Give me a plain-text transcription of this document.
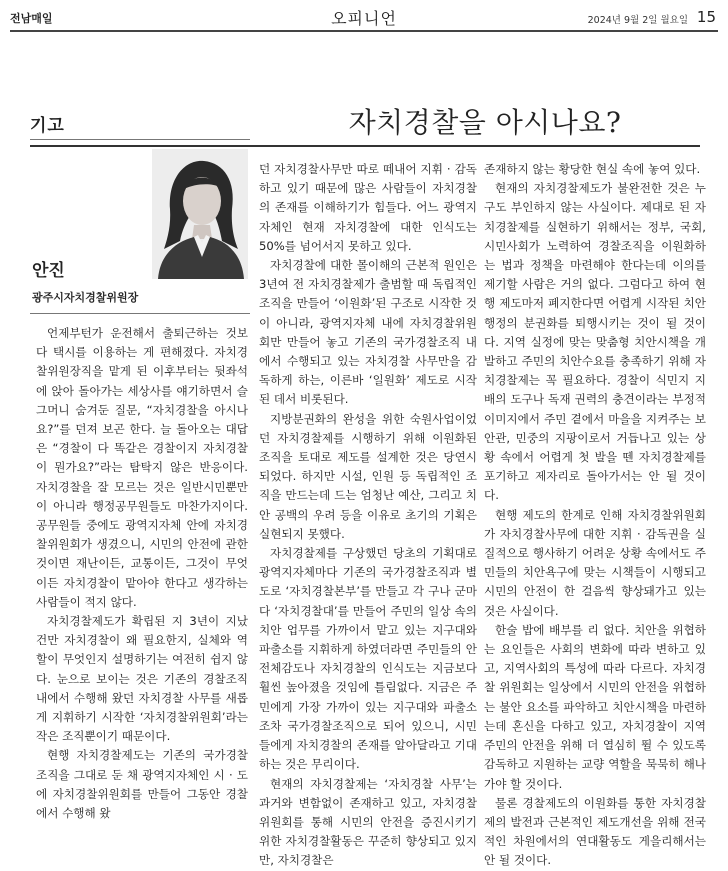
전남매일	오피니언	2024년 9월 2일 월요일 15
기고	자치경찰을 아시나요?
안진
광주시자치경찰위원장

언제부턴가 운전해서 출퇴근하는 것보다 택시를 이용하는 게 편해졌다. 자치경찰위원장직을 맡게 된 이후부터는 뒷좌석에 앉아 돌아가는 세상사를 얘기하면서 슬그머니 숨겨둔 질문, “자치경찰을 아시나요?”를 던져 보곤 한다. 늘 돌아오는 대답은 “경찰이 다 똑같은 경찰이지 자치경찰이 뭔가요?”라는 탐탁지 않은 반응이다. 자치경찰을 잘 모르는 것은 일반시민뿐만이 아니라 행정공무원들도 마찬가지이다. 공무원들 중에도 광역지자체 안에 자치경찰위원회가 생겼으니, 시민의 안전에 관한 것이면 재난이든, 교통이든, 그것이 무엇이든 자치경찰이 맡아야 한다고 생각하는 사람들이 적지 않다.

자치경찰제도가 확립된 지 3년이 지났건만 자치경찰이 왜 필요한지, 실체와 역할이 무엇인지 설명하기는 여전히 쉽지 않다. 눈으로 보이는 것은 기존의 경찰조직 내에서 수행해 왔던 자치경찰 사무를 새롭게 지휘하기 시작한 ‘자치경찰위원회’라는 작은 조직뿐이기 때문이다.

현행 자치경찰제도는 기존의 국가경찰 조직을 그대로 둔 채 광역지자체인 시 · 도에 자치경찰위원회를 만들어 그동안 경찰에서 수행해 왔

던 자치경찰사무만 따로 떼내어 지휘 · 감독하고 있기 때문에 많은 사람들이 자치경찰의 존재를 이해하기가 힘들다. 어느 광역지자체인 현재 자치경찰에 대한 인식도는 50%를 넘어서지 못하고 있다.

자치경찰에 대한 몰이해의 근본적 원인은 3년여 전 자치경찰제가 출범할 때 독립적인 조직을 만들어 ‘이원화’된 구조로 시작한 것이 아니라, 광역지자체 내에 자치경찰위원회만 만들어 놓고 기존의 국가경찰조직 내에서 수행되고 있는 자치경찰 사무만을 감독하게 하는, 이른바 ‘일원화’ 제도로 시작된 데서 비롯된다.

지방분권화의 완성을 위한 숙원사업이었던 자치경찰제를 시행하기 위해 이원화된 조직을 토대로 제도를 설계한 것은 당연시되었다. 하지만 시설, 인원 등 독립적인 조직을 만드는데 드는 엄청난 예산, 그리고 치안 공백의 우려 등을 이유로 초기의 기획은 실현되지 못했다.

자치경찰제를 구상했던 당초의 기획대로 광역지자체마다 기존의 국가경찰조직과 별도로 ‘자치경찰본부’를 만들고 각 구나 군마다 ‘자치경찰대’를 만들어 주민의 일상 속의 치안 업무를 가까이서 맡고 있는 지구대와 파출소를 지휘하게 하였더라면 주민들의 안전체감도나 자치경찰의 인식도는 지금보다 훨씬 높아졌을 것임에 틀림없다. 지금은 주민에게 가장 가까이 있는 지구대와 파출소조차 국가경찰조직으로 되어 있으니, 시민들에게 자치경찰의 존재를 알아달라고 기대하는 것은 무리이다.

현재의 자치경찰제는 ‘자치경찰 사무’는 과거와 변함없이 존재하고 있고, 자치경찰위원회를 통해 시민의 안전을 증진시키기 위한 자치경찰활동은 꾸준히 향상되고 있지만, 자치경찰은

존재하지 않는 황당한 현실 속에 놓여 있다.

현재의 자치경찰제도가 불완전한 것은 누구도 부인하지 않는 사실이다. 제대로 된 자치경찰제를 실현하기 위해서는 정부, 국회, 시민사회가 노력하여 경찰조직을 이원화하는 법과 정책을 마련해야 한다는데 이의를 제기할 사람은 거의 없다. 그럼다고 하여 현행 제도마저 폐지한다면 어렵게 시작된 치안행정의 분권화를 퇴행시키는 것이 될 것이다. 지역 실정에 맞는 맞춤형 치안시책을 개발하고 주민의 치안수요를 충족하기 위해 자치경찰제는 꼭 필요하다. 경찰이 식민지 지배의 도구나 독재 권력의 충견이라는 부정적 이미지에서 주민 곁에서 마을을 지켜주는 보안관, 민중의 지팡이로서 거듭나고 있는 상황 속에서 어렵게 첫 발을 뗀 자치경찰제를 포기하고 제자리로 돌아가서는 안 될 것이다.

현행 제도의 한계로 인해 자치경찰위원회가 자치경찰사무에 대한 지휘 · 감독권을 실질적으로 행사하기 어려운 상황 속에서도 주민들의 치안욕구에 맞는 시책들이 시행되고 시민의 안전이 한 걸음씩 향상돼가고 있는 것은 사실이다.

한술 밥에 배부를 리 없다. 치안을 위협하는 요인들은 사회의 변화에 따라 변하고 있고, 지역사회의 특성에 따라 다르다. 자치경찰 위원회는 일상에서 시민의 안전을 위협하는 불안 요소를 파악하고 치안시책을 마련하는데 혼신을 다하고 있고, 자치경찰이 지역주민의 안전을 위해 더 열심히 뛸 수 있도록 감독하고 지원하는 교량 역할을 묵묵히 해나가야 할 것이다.

물론 경찰제도의 이원화를 통한 자치경찰제의 발전과 근본적인 제도개선을 위해 전국적인 차원에서의 연대활동도 게을리해서는 안 될 것이다.
